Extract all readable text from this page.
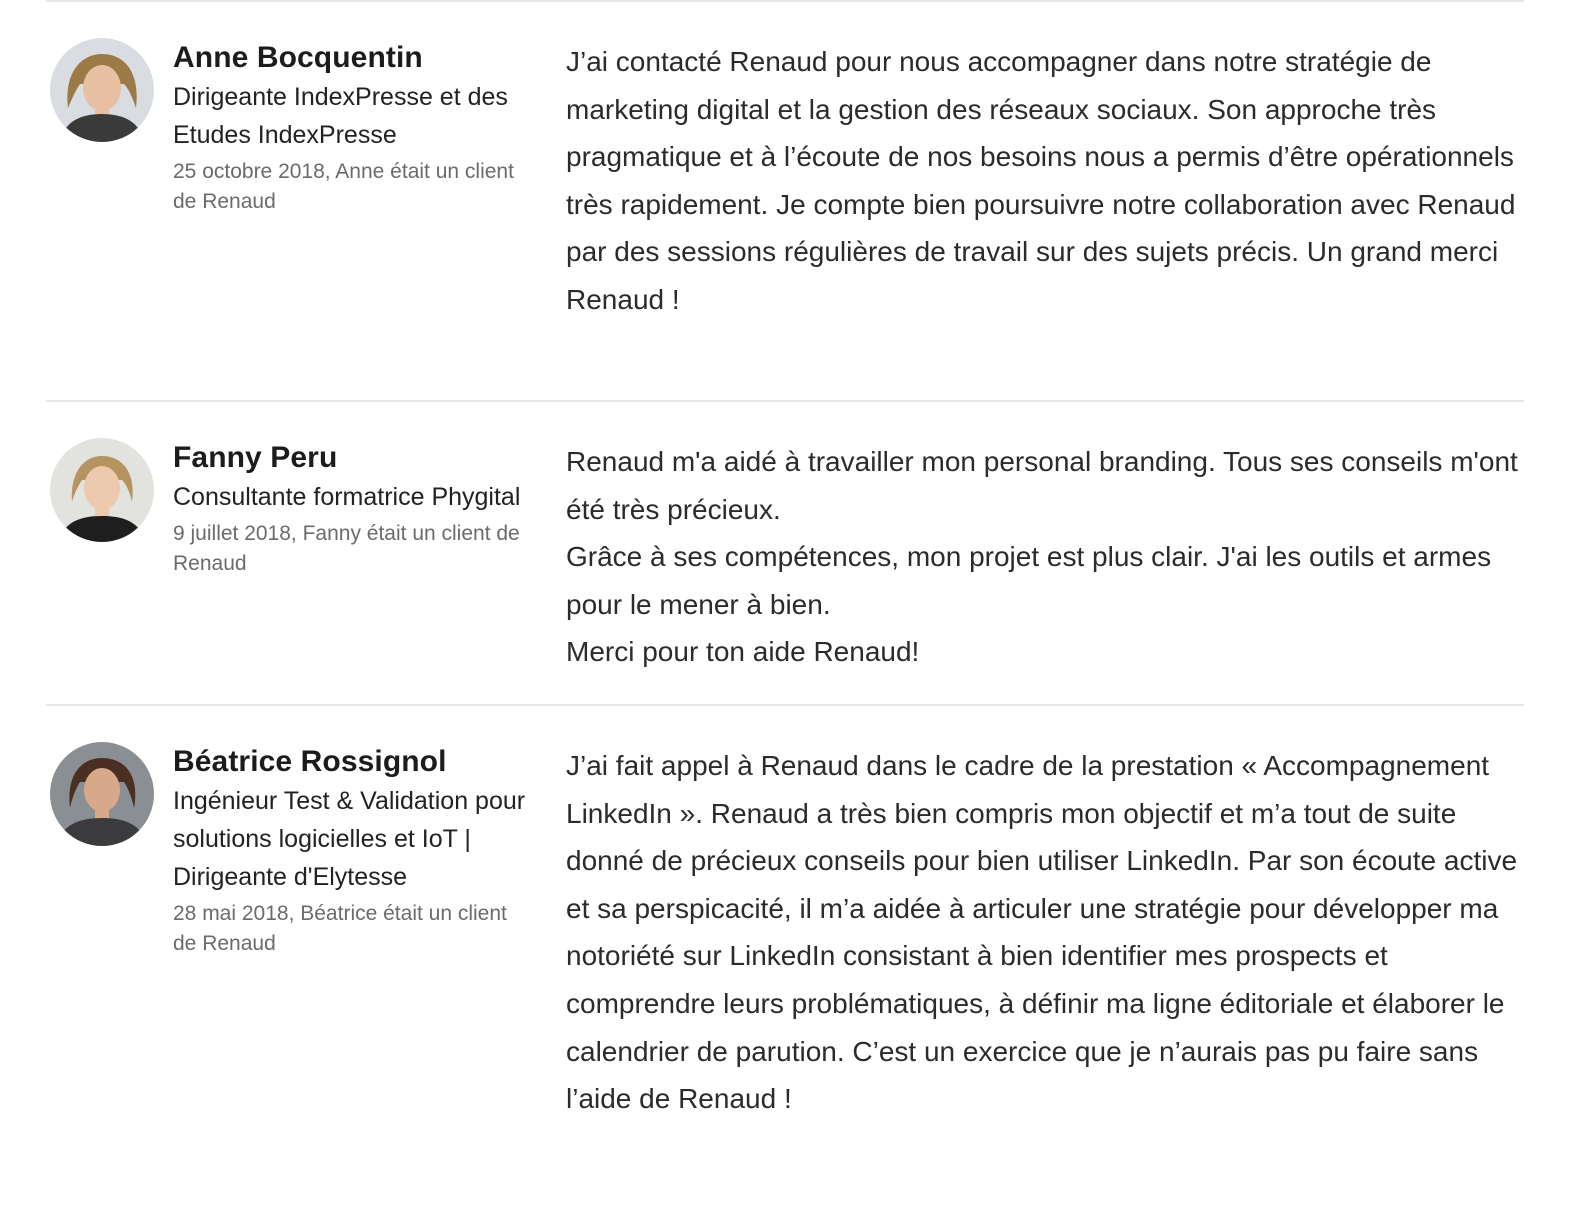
Anne Bocquentin
Dirigeante IndexPresse et des Etudes IndexPresse
25 octobre 2018, Anne était un client de Renaud
J’ai contacté Renaud pour nous accompagner dans notre stratégie de marketing digital et la gestion des réseaux sociaux. Son approche très pragmatique et à l’écoute de nos besoins nous a permis d’être opérationnels très rapidement. Je compte bien poursuivre notre collaboration avec Renaud par des sessions régulières de travail sur des sujets précis. Un grand merci Renaud !
Fanny Peru
Consultante formatrice Phygital
9 juillet 2018, Fanny était un client de Renaud
Renaud m'a aidé à travailler mon personal branding. Tous ses conseils m'ont été très précieux.
Grâce à ses compétences, mon projet est plus clair. J'ai les outils et armes pour le mener à bien.
Merci pour ton aide Renaud!
Béatrice Rossignol
Ingénieur Test & Validation pour solutions logicielles et IoT | Dirigeante d'Elytesse
28 mai 2018, Béatrice était un client de Renaud
J’ai fait appel à Renaud dans le cadre de la prestation « Accompagnement LinkedIn ». Renaud a très bien compris mon objectif et m’a tout de suite donné de précieux conseils pour bien utiliser LinkedIn. Par son écoute active et sa perspicacité, il m’a aidée à articuler une stratégie pour développer ma notoriété sur LinkedIn consistant à bien identifier mes prospects et comprendre leurs problématiques, à définir ma ligne éditoriale et élaborer le calendrier de parution. C’est un exercice que je n’aurais pas pu faire sans l’aide de Renaud !
